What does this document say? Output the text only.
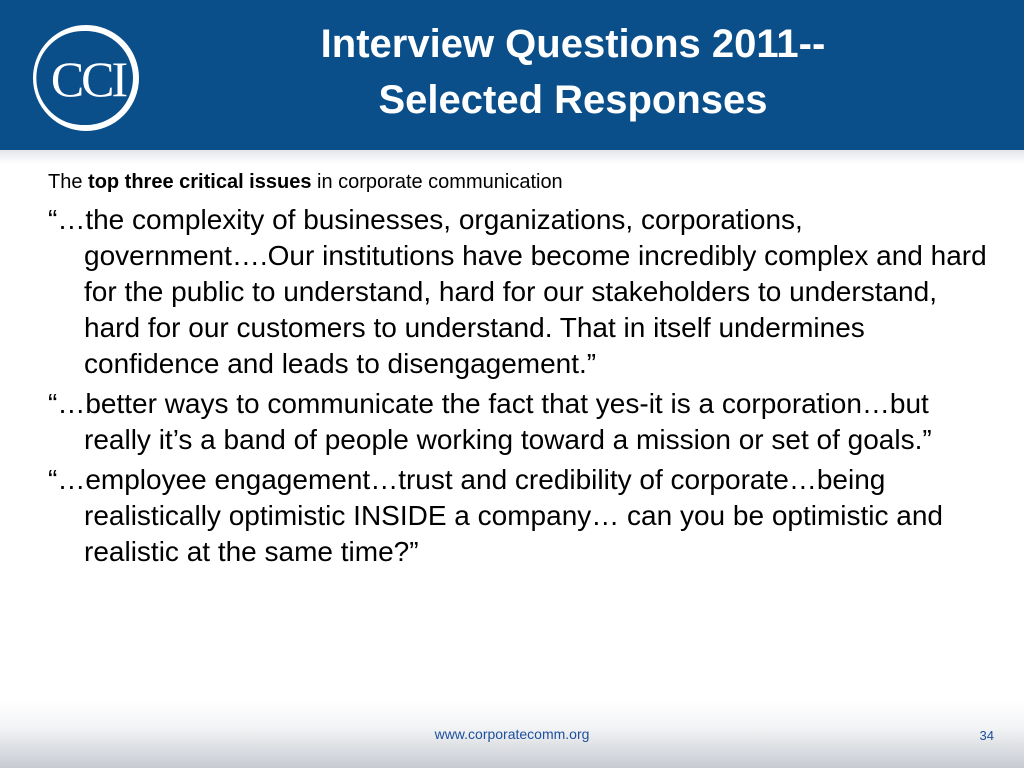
CCI
Interview Questions 2011--
Selected Responses
The top three critical issues in corporate communication
“…the complexity of businesses, organizations, corporations, government….Our institutions have become incredibly complex and hard for the public to understand, hard for our stakeholders to understand, hard for our customers to understand. That in itself undermines confidence and leads to disengagement.”
“…better ways to communicate the fact that yes-it is a corporation…but really it’s a band of people working toward a mission or set of goals.”
“…employee engagement…trust and credibility of corporate…being realistically optimistic INSIDE a company… can you be optimistic and realistic at the same time?”
www.corporatecomm.org	34
